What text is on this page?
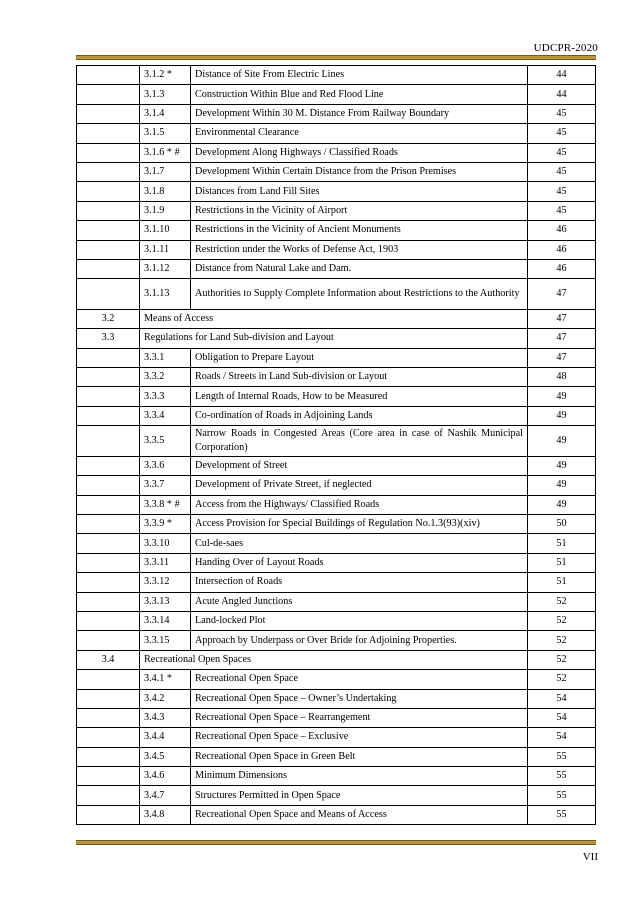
UDCPR-2020
	3.1.2 *	Distance of Site From Electric Lines	44
	3.1.3	Construction Within Blue and Red Flood Line	44
	3.1.4	Development Within 30 M. Distance From Railway Boundary	45
	3.1.5	Environmental Clearance	45
	3.1.6 * #	Development Along Highways / Classified Roads	45
	3.1.7	Development Within Certain Distance from the Prison Premises	45
	3.1.8	Distances from Land Fill Sites	45
	3.1.9	Restrictions in the Vicinity of Airport	45
	3.1.10	Restrictions in the Vicinity of Ancient Monuments	46
	3.1.11	Restriction under the Works of Defense Act, 1903	46
	3.1.12	Distance from Natural Lake and Dam.	46
	3.1.13	Authorities to Supply Complete Information about Restrictions to the Authority	47
3.2	Means of Access		47
3.3	Regulations for Land Sub-division and Layout		47
	3.3.1	Obligation to Prepare Layout	47
	3.3.2	Roads / Streets in Land Sub-division or Layout	48
	3.3.3	Length of Internal Roads, How to be Measured	49
	3.3.4	Co-ordination of Roads in Adjoining Lands	49
	3.3.5	Narrow Roads in Congested Areas (Core area in case of Nashik Municipal Corporation)	49
	3.3.6	Development of Street	49
	3.3.7	Development of Private Street, if neglected	49
	3.3.8 * #	Access from the Highways/ Classified Roads	49
	3.3.9 *	Access Provision for Special Buildings of Regulation No.1.3(93)(xiv)	50
	3.3.10	Cul-de-saes	51
	3.3.11	Handing Over of Layout Roads	51
	3.3.12	Intersection of Roads	51
	3.3.13	Acute Angled Junctions	52
	3.3.14	Land-locked Plot	52
	3.3.15	Approach by Underpass or Over Bride for Adjoining Properties.	52
3.4	Recreational Open Spaces		52
	3.4.1 *	Recreational Open Space	52
	3.4.2	Recreational Open Space – Owner’s Undertaking	54
	3.4.3	Recreational Open Space – Rearrangement	54
	3.4.4	Recreational Open Space – Exclusive	54
	3.4.5	Recreational Open Space in Green Belt	55
	3.4.6	Minimum Dimensions	55
	3.4.7	Structures Permitted in Open Space	55
	3.4.8	Recreational Open Space and Means of Access	55
VII
